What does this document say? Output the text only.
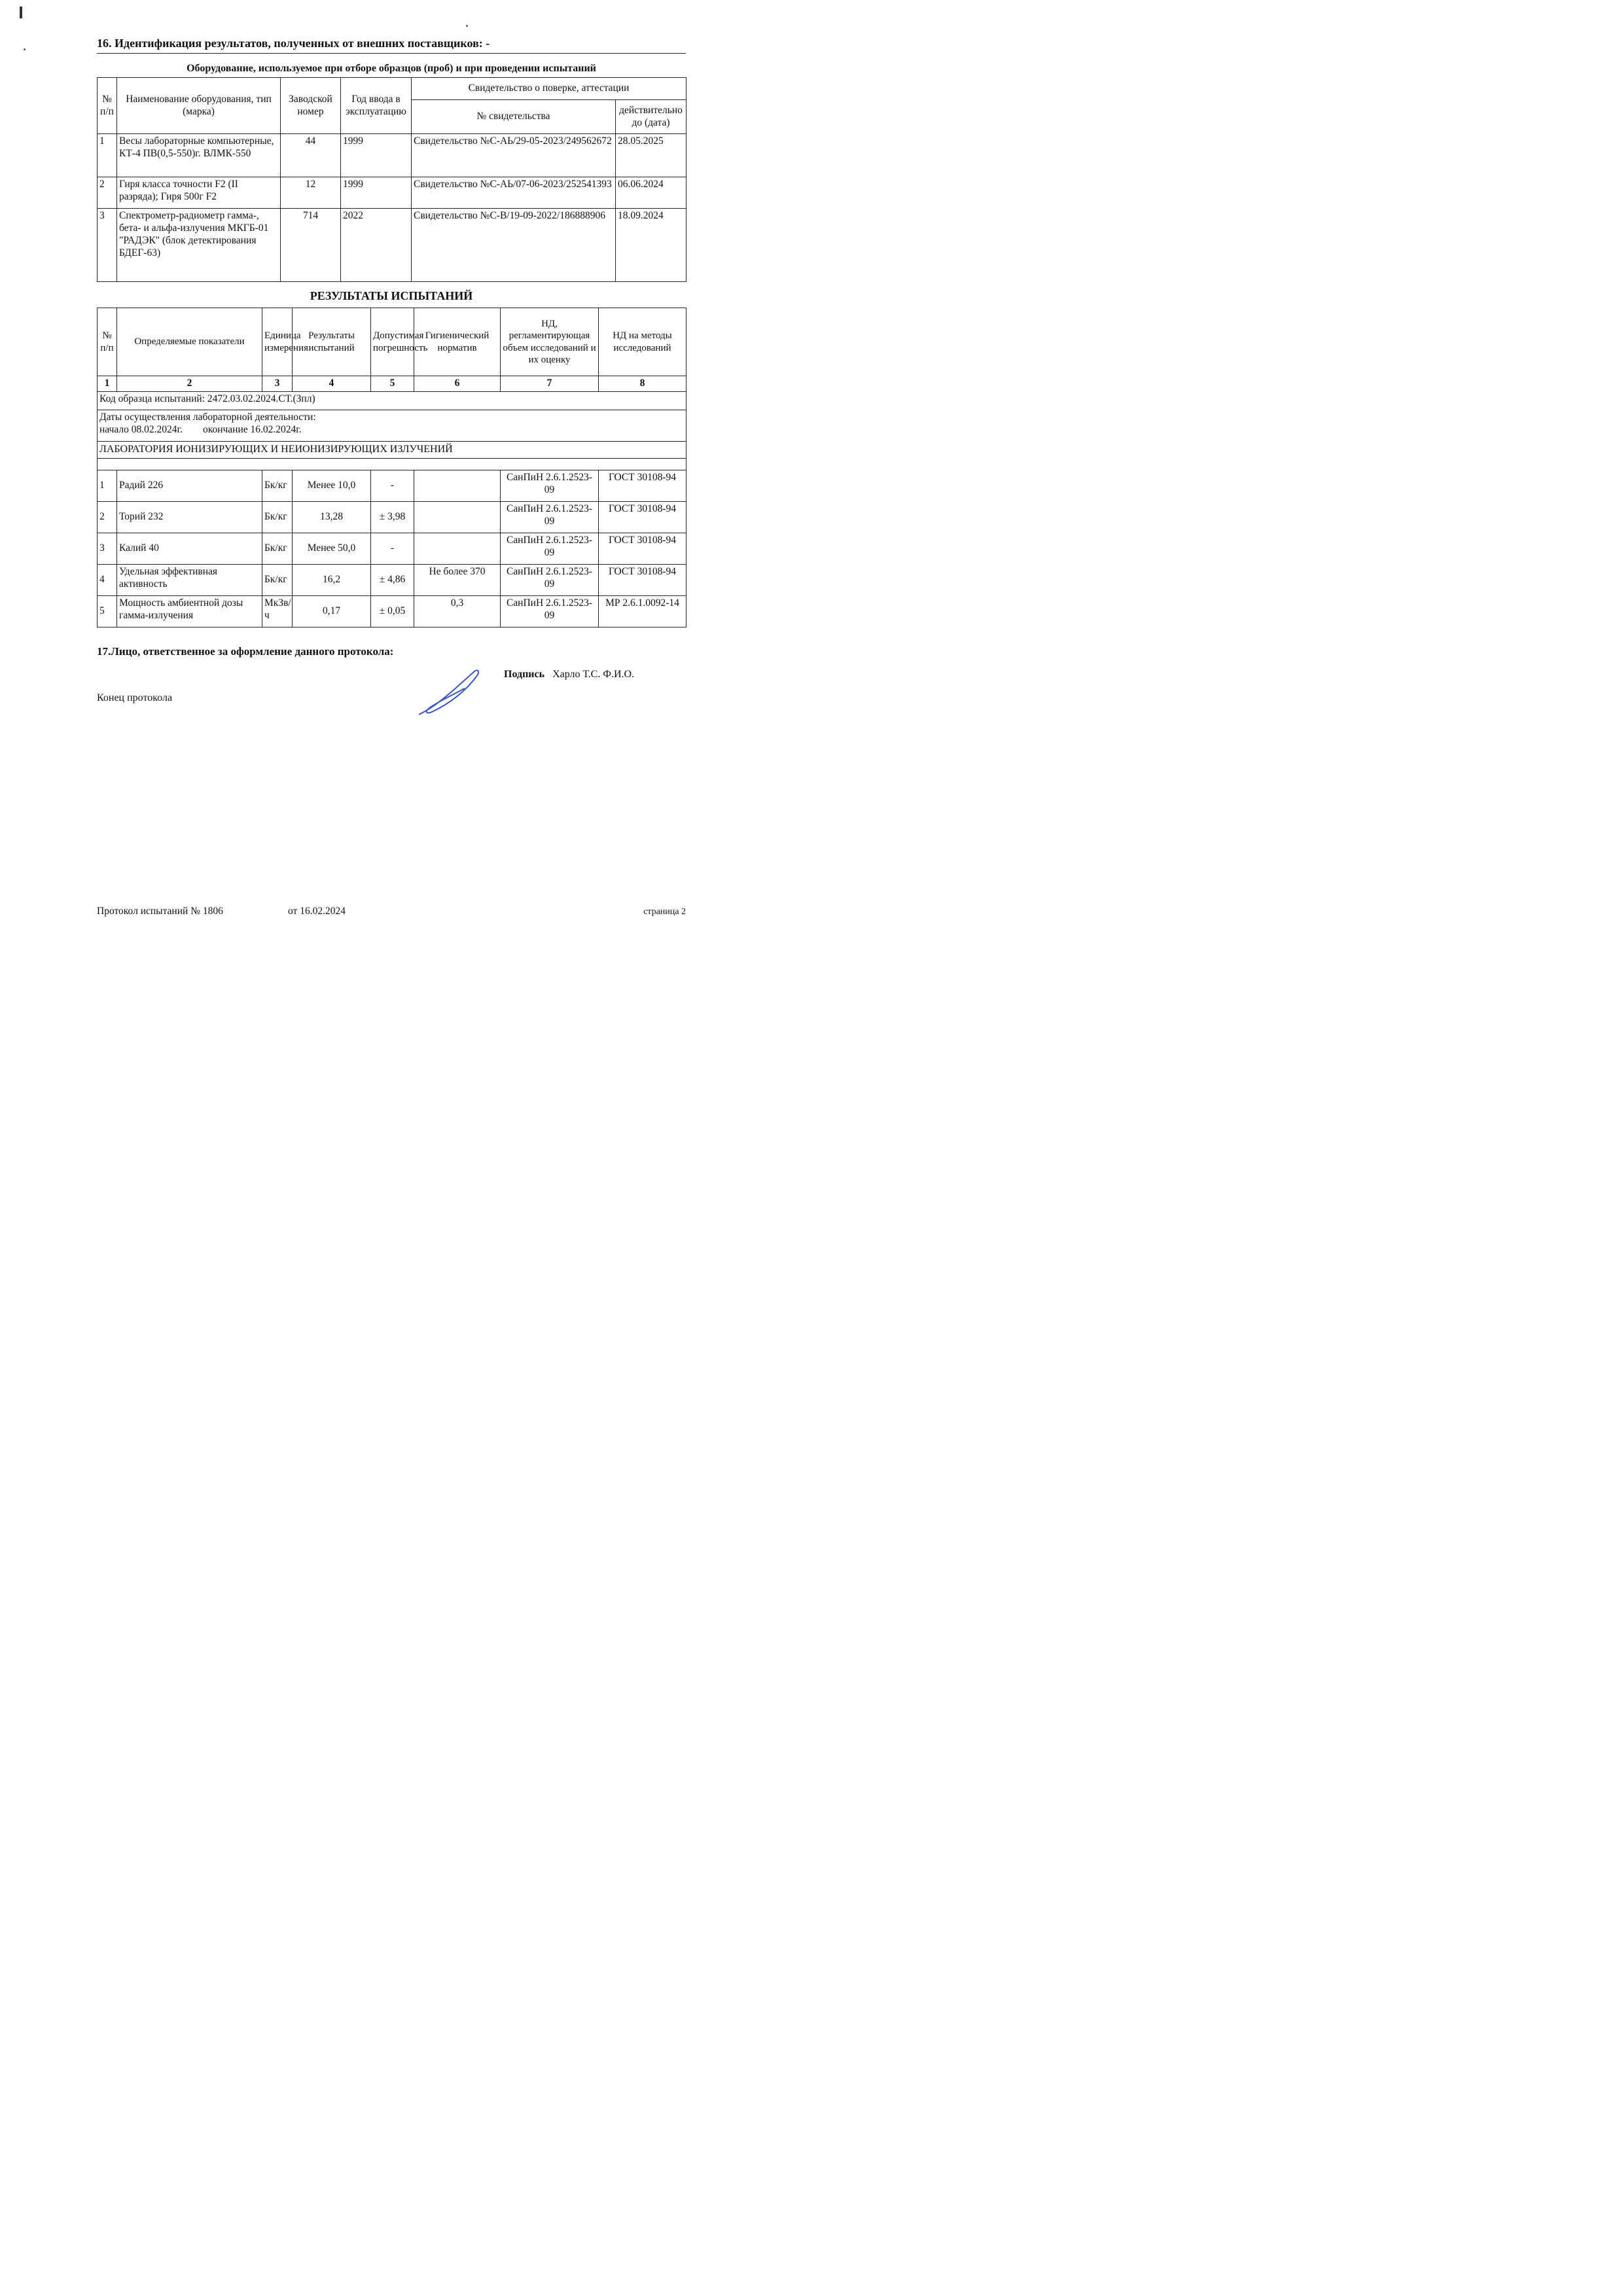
16. Идентификация результатов, полученных от внешних поставщиков: -
Оборудование, используемое при отборе образцов (проб) и при проведении испытаний
№ п/п	Наименование оборудования, тип (марка)	Заводской номер	Год ввода в эксплуатацию	Свидетельство о поверке, аттестации	
				№ свидетельства	действительно до (дата)
1	Весы лабораторные компьютерные, КТ-4 ПВ(0,5-550)г. ВЛМК-550	44	1999	Свидетельство №С-АЬ/29-05-2023/249562672	28.05.2025
2	Гиря класса точности F2 (II разряда); Гиря 500г F2	12	1999	Свидетельство №С-АЬ/07-06-2023/252541393	06.06.2024
3	Спектрометр-радиометр гамма-, бета- и альфа-излучения МКГБ-01 "РАДЭК" (блок детектирования БДЕГ-63)	714	2022	Свидетельство №С-В/19-09-2022/186888906	18.09.2024
РЕЗУЛЬТАТЫ ИСПЫТАНИЙ
№ п/п	Определяемые показатели	Единица измерения	Результаты испытаний	Допустимая погрешность	Гигиенический норматив	НД, регламентирующая объем исследований и их оценку	НД на методы исследований
1	2	3	4	5	6	7	8
Код образца испытаний: 2472.03.02.2024.СТ.(Зпл)							

Даты осуществления лабораторной деятельности:
начало 08.02.2024г. окончание 16.02.2024г.							

ЛАБОРАТОРИЯ ИОНИЗИРУЮЩИХ И НЕИОНИЗИРУЮЩИХ ИЗЛУЧЕНИЙ							

1	Радий 226	Бк/кг	Менее 10,0	-		СанПиН 2.6.1.2523-09	ГОСТ 30108-94
2	Торий 232	Бк/кг	13,28	± 3,98		СанПиН 2.6.1.2523-09	ГОСТ 30108-94
3	Калий 40	Бк/кг	Менее 50,0	-		СанПиН 2.6.1.2523-09	ГОСТ 30108-94
4	Удельная эффективная активность	Бк/кг	16,2	± 4,86	Не более 370	СанПиН 2.6.1.2523-09	ГОСТ 30108-94
5	Мощность амбиентной дозы гамма-излучения	МкЗв/ч	0,17	± 0,05	0,3	СанПиН 2.6.1.2523-09	МР 2.6.1.0092-14
17.Лицо, ответственное за оформление данного протокола:
Подпись Харло Т.С. Ф.И.О.
Конец протокола
Протокол испытаний № 1806	от 16.02.2024	страница 2
